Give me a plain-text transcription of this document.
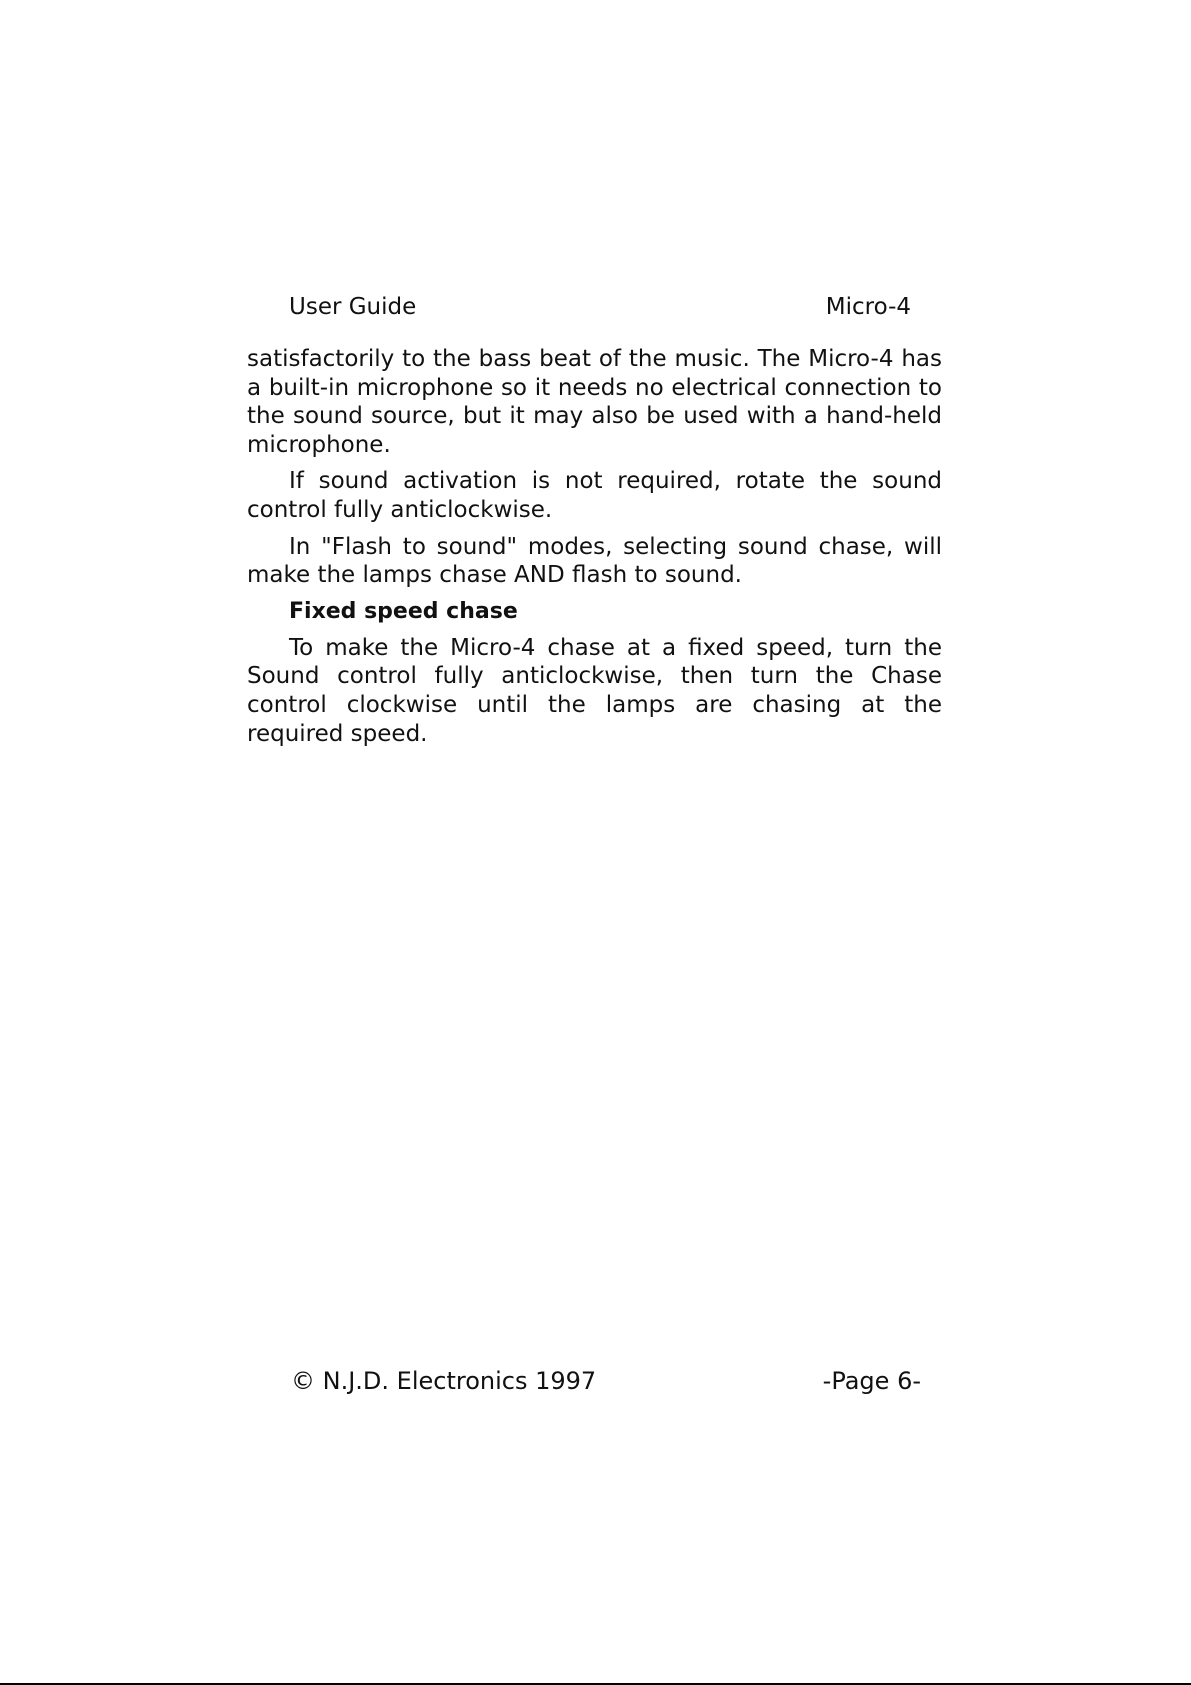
User Guide	Micro-4

satisfactorily to the bass beat of the music. The Micro-4 has a built-in microphone so it needs no electrical connection to the sound source, but it may also be used with a hand-held microphone.

If sound activation is not required, rotate the sound control fully anticlockwise.

In "Flash to sound" modes, selecting sound chase, will make the lamps chase AND flash to sound.

Fixed speed chase

To make the Micro-4 chase at a fixed speed, turn the Sound control fully anticlockwise, then turn the Chase control clockwise until the lamps are chasing at the required speed.

© N.J.D. Electronics 1997	-Page 6-
